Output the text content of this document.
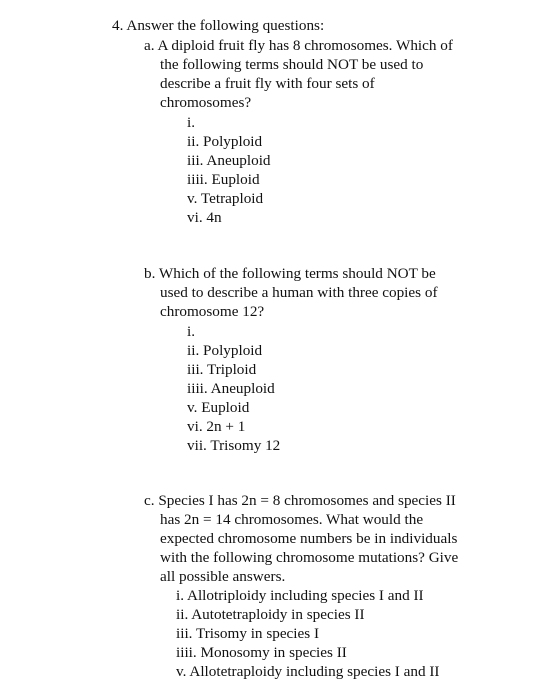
4. Answer the following questions:
a. A diploid fruit fly has 8 chromosomes. Which of
the following terms should NOT be used to
describe a fruit fly with four sets of
chromosomes?
i.
ii. Polyploid
iii. Aneuploid
iiii. Euploid
v. Tetraploid
vi. 4n
b. Which of the following terms should NOT be
used to describe a human with three copies of
chromosome 12?
i.
ii. Polyploid
iii. Triploid
iiii. Aneuploid
v. Euploid
vi. 2n + 1
vii. Trisomy 12
c. Species I has 2n = 8 chromosomes and species II
has 2n = 14 chromosomes. What would the
expected chromosome numbers be in individuals
with the following chromosome mutations? Give
all possible answers.
i. Allotriploidy including species I and II
ii. Autotetraploidy in species II
iii. Trisomy in species I
iiii. Monosomy in species II
v. Allotetraploidy including species I and II
